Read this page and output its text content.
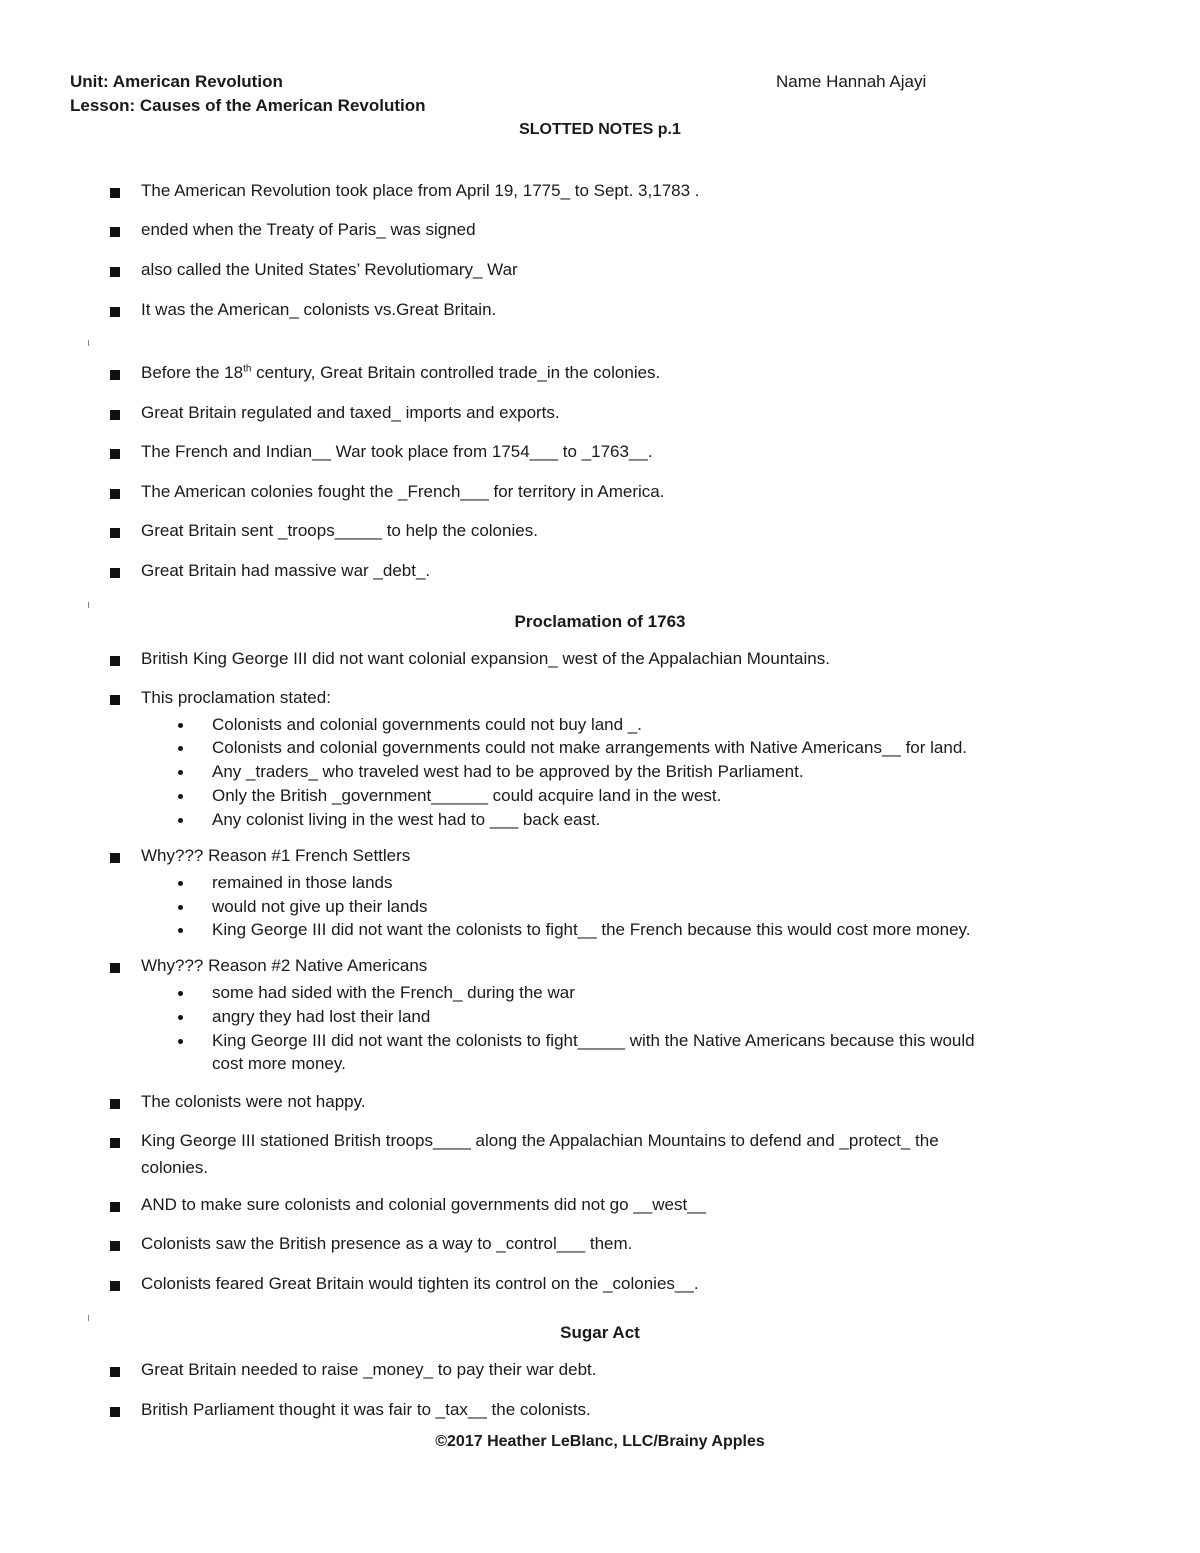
Unit: American Revolution
Lesson: Causes of the American Revolution
Name Hannah Ajayi
SLOTTED NOTES p.1
The American Revolution took place from April 19, 1775_ to Sept. 3,1783 .
ended when the Treaty of Paris_ was signed
also called the United States’ Revolutiomary_ War
It was the American_ colonists vs.Great Britain.
Before the 18th century, Great Britain controlled trade_in the colonies.
Great Britain regulated and taxed_ imports and exports.
The French and Indian__ War took place from 1754___ to _1763__.
The American colonies fought the _French___ for territory in America.
Great Britain sent _troops_____ to help the colonies.
Great Britain had massive war _debt_.
Proclamation of 1763
British King George III did not want colonial expansion_ west of the Appalachian Mountains.
This proclamation stated:
Colonists and colonial governments could not buy land _.
Colonists and colonial governments could not make arrangements with Native Americans__ for land.
Any _traders_ who traveled west had to be approved by the British Parliament.
Only the British _government______ could acquire land in the west.
Any colonist living in the west had to ___ back east.
Why??? Reason #1 French Settlers
remained in those lands
would not give up their lands
King George III did not want the colonists to fight__ the French because this would cost more money.
Why??? Reason #2 Native Americans
some had sided with the French_ during the war
angry they had lost their land
King George III did not want the colonists to fight_____ with the Native Americans because this would
cost more money.
The colonists were not happy.
King George III stationed British troops____ along the Appalachian Mountains to defend and _protect_ the
colonies.
AND to make sure colonists and colonial governments did not go __west__
Colonists saw the British presence as a way to _control___ them.
Colonists feared Great Britain would tighten its control on the _colonies__.
Sugar Act
Great Britain needed to raise _money_ to pay their war debt.
British Parliament thought it was fair to _tax__ the colonists.
©2017 Heather LeBlanc, LLC/Brainy Apples
